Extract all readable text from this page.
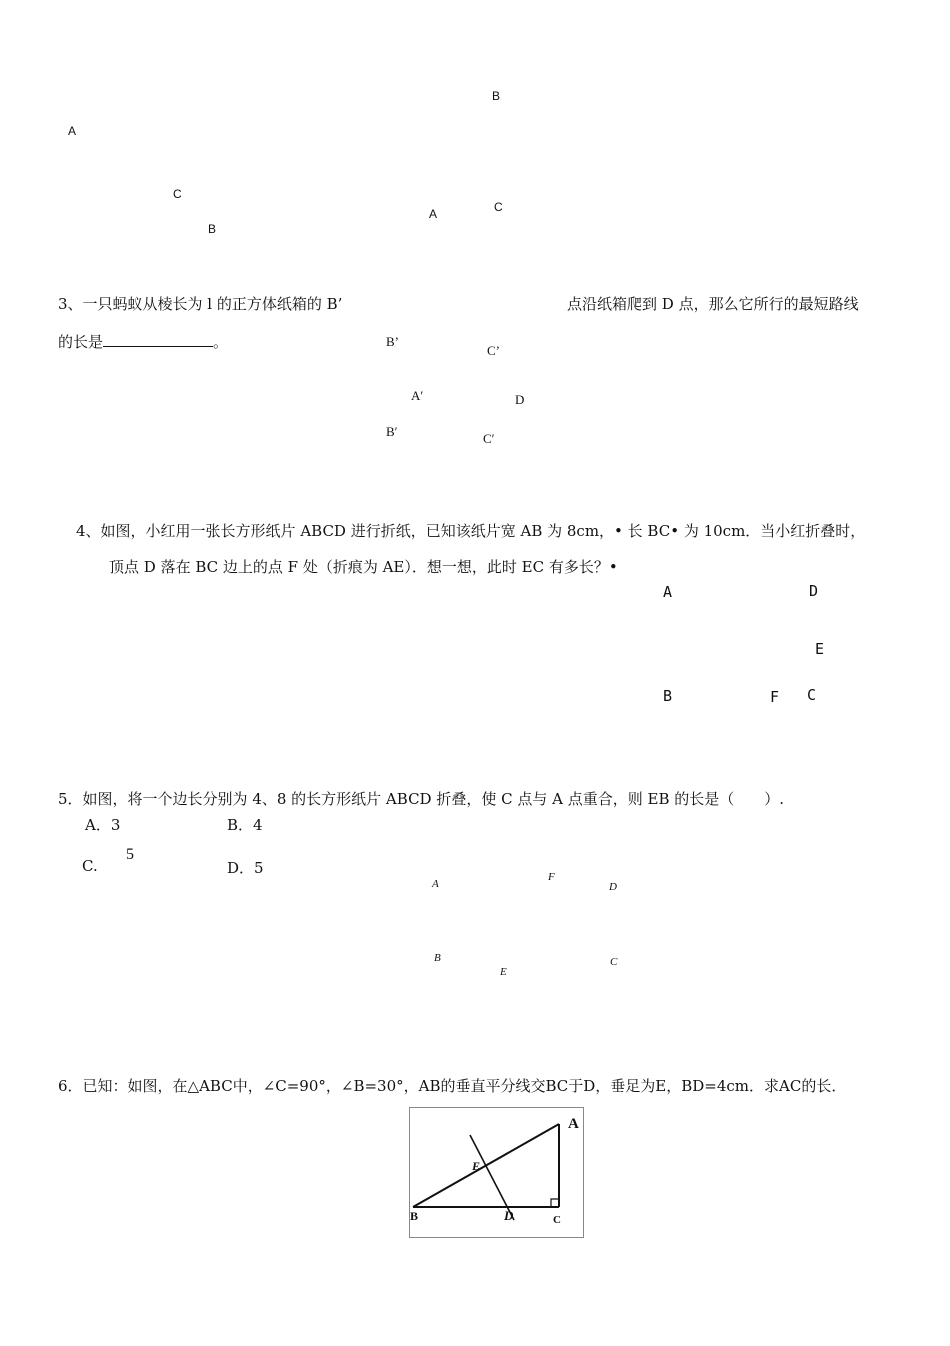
A
C
B
B
A	C
3、一只蚂蚁从棱长为 l 的正方体纸箱的 B’	点沿纸箱爬到 D 点，那么它所行的最短路线
的长是	。	B’
C’
A′	D
B′	C′
4、如图，小红用一张长方形纸片 ABCD 进行折纸，已知该纸片宽 AB 为 8cm，• 长 BC• 为 10cm．当小红折叠时，
顶点 D 落在 BC 边上的点 F 处（折痕为 AE）．想一想，此时 EC 有多长？•
A	D
E
B	F C
5．如图，将一个边长分别为 4、8 的长方形纸片 ABCD 折叠，使 C 点与 A 点重合，则 EB 的长是（　　）.
A．3	B．4
C.
5
D．5
A
F
D
B
E
C
6．已知：如图，在△ABC中，∠C=90°，∠B=30°，AB的垂直平分线交BC于D，垂足为E，BD=4cm．求AC的长．
A
E
B	D	C
